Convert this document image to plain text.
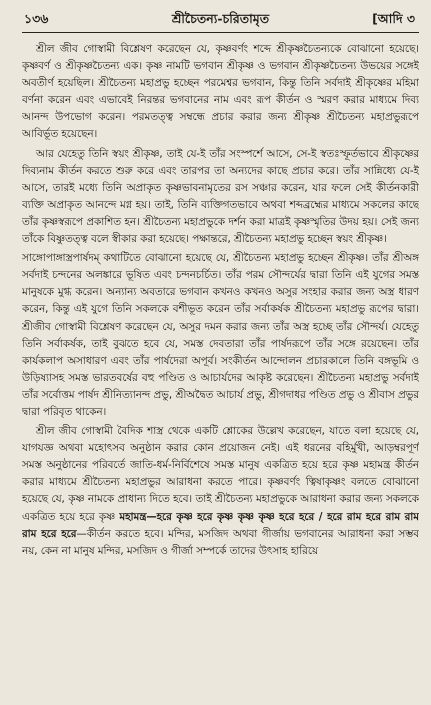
১৩৬	শ্রীচৈতন্য-চরিতামৃত	[আদি ৩

শ্রীল জীব গোস্বামী বিশ্লেষণ করেছেন যে, কৃষ্ণবর্ণং শব্দে শ্রীকৃষ্ণচৈতন্যকে বোঝানো হয়েছে। কৃষ্ণবর্ণ ও শ্রীকৃষ্ণচৈতন্য এক। কৃষ্ণ নামটি ভগবান শ্রীকৃষ্ণ ও ভগবান শ্রীকৃষ্ণচৈতন্য উভয়ের সঙ্গেই অবতীর্ণ হয়েছিল। শ্রীচৈতন্য মহাপ্রভু হচ্ছেন পরমেশ্বর ভগবান, কিন্তু তিনি সর্বদাই শ্রীকৃষ্ণের মহিমা বর্ণনা করেন এবং এভাবেই নিরন্তর ভগবানের নাম এবং রূপ কীর্তন ও স্মরণ করার মাধ্যমে দিব্য আনন্দ উপভোগ করেন। পরমতত্ত্ব সম্বন্ধে প্রচার করার জন্য শ্রীকৃষ্ণ শ্রীচৈতন্য মহাপ্রভুরূপে আবির্ভূত হয়েছেন।

আর যেহেতু তিনি স্বয়ং শ্রীকৃষ্ণ, তাই যে-ই তাঁর সংস্পর্শে আসে, সে-ই স্বতঃস্ফূর্তভাবে শ্রীকৃষ্ণের দিব্যনাম কীর্তন করতে শুরু করে এবং তারপর তা অন্যদের কাছে প্রচার করে। তাঁর সান্নিধ্যে যে-ই আসে, তারই মধ্যে তিনি অপ্রাকৃত কৃষ্ণভাবনামৃতের রস সঞ্চার করেন, যার ফলে সেই কীর্তনকারী ব্যক্তি অপ্রাকৃত আনন্দে মগ্ন হয়। তাই, তিনি ব্যক্তিগতভাবে অথবা শব্দব্রহ্মের মাধ্যমে সকলের কাছে তাঁর কৃষ্ণস্বরূপে প্রকাশিত হন। শ্রীচৈতন্য মহাপ্রভুকে দর্শন করা মাত্রই কৃষ্ণস্মৃতির উদয় হয়। সেই জন্য তাঁকে বিষ্ণুতত্ত্ব বলে স্বীকার করা হয়েছে। পক্ষান্তরে, শ্রীচৈতন্য মহাপ্রভু হচ্ছেন স্বয়ং শ্রীকৃষ্ণ।

সাঙ্গোপাঙ্গাস্ত্রপার্ষদম্ কথাটিতে বোঝানো হয়েছে যে, শ্রীচৈতন্য মহাপ্রভু হচ্ছেন শ্রীকৃষ্ণ। তাঁর শ্রীঅঙ্গ সর্বদাই চন্দনের অলঙ্কারে ভূষিত এবং চন্দনচর্চিত। তাঁর পরম সৌন্দর্যের দ্বারা তিনি এই যুগের সমস্ত মানুষকে মুগ্ধ করেন। অন্যান্য অবতারে ভগবান কখনও কখনও অসুর সংহার করার জন্য অস্ত্র ধারণ করেন, কিন্তু এই যুগে তিনি সকলকে বশীভূত করেন তাঁর সর্বাকর্ষক শ্রীচৈতন্য মহাপ্রভু রূপের দ্বারা। শ্রীজীব গোস্বামী বিশ্লেষণ করেছেন যে, অসুর দমন করার জন্য তাঁর অস্ত্র হচ্ছে তাঁর সৌন্দর্য। যেহেতু তিনি সর্বাকর্ষক, তাই বুঝতে হবে যে, সমস্ত দেবতারা তাঁর পার্ষদরূপে তাঁর সঙ্গে রয়েছেন। তাঁর কার্যকলাপ অসাধারণ এবং তাঁর পার্ষদেরা অপূর্ব। সংকীর্তন আন্দোলন প্রচারকালে তিনি বঙ্গভূমি ও উড়িষ্যাসহ সমস্ত ভারতবর্ষের বহু পণ্ডিত ও আচার্যদের আকৃষ্ট করেছেন। শ্রীচৈতন্য মহাপ্রভু সর্বদাই তাঁর সর্বোত্তম পার্ষদ শ্রীনিত্যানন্দ প্রভু, শ্রীঅদ্বৈত আচার্য প্রভু, শ্রীগদাধর পণ্ডিত প্রভু ও শ্রীবাস প্রভুর দ্বারা পরিবৃত থাকেন।

শ্রীল জীব গোস্বামী বৈদিক শাস্ত্র থেকে একটি শ্লোকের উল্লেখ করেছেন, যাতে বলা হয়েছে যে, যাগযজ্ঞ অথবা মহোৎসব অনুষ্ঠান করার কোন প্রয়োজন নেই। এই ধরনের বহির্মুখী, আড়ম্বরপূর্ণ সমস্ত অনুষ্ঠানের পরিবর্তে জাতি-ধর্ম-নির্বিশেষে সমস্ত মানুষ একত্রিত হয়ে হরে কৃষ্ণ মহামন্ত্র কীর্তন করার মাধ্যমে শ্রীচৈতন্য মহাপ্রভুর আরাধনা করতে পারে। কৃষ্ণবর্ণং ত্বিষাকৃষ্ণং বলতে বোঝানো হয়েছে যে, কৃষ্ণ নামকে প্রাধান্য দিতে হবে। তাই শ্রীচৈতন্য মহাপ্রভুকে আরাধনা করার জন্য সকলকে একত্রিত হয়ে হরে কৃষ্ণ মহামন্ত্র—হরে কৃষ্ণ হরে কৃষ্ণ কৃষ্ণ কৃষ্ণ হরে হরে / হরে রাম হরে রাম রাম রাম হরে হরে—কীর্তন করতে হবে। মন্দির, মসজিদ অথবা গীর্জায় ভগবানের আরাধনা করা সম্ভব নয়, কেন না মানুষ মন্দির, মসজিদ ও গীর্জা সম্পর্কে তাদের উৎসাহ হারিয়ে
